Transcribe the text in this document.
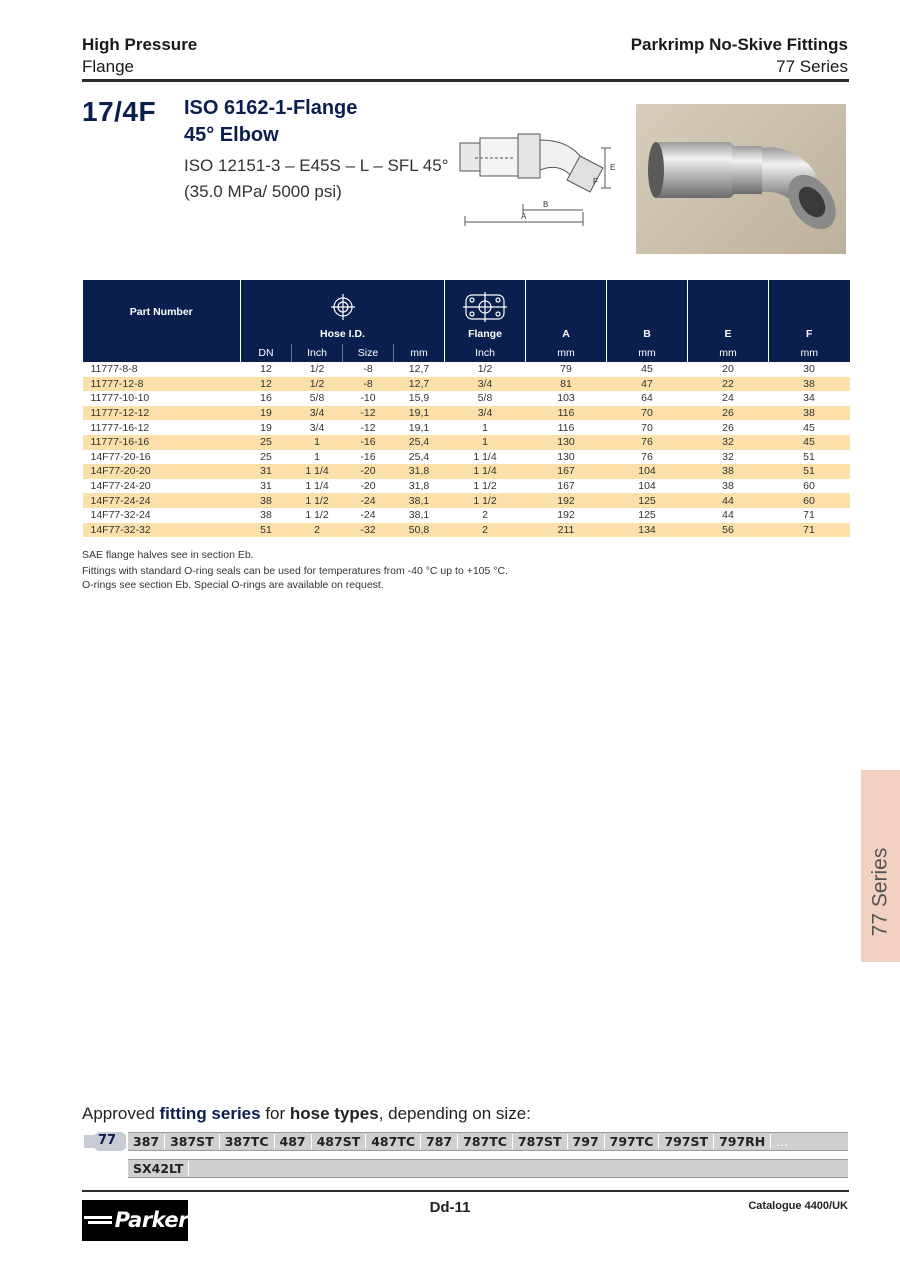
High Pressure
Flange
Parkrimp No-Skive Fittings
77 Series
17/4F ISO 6162-1-Flange
45° Elbow
ISO 12151-3 – E45S – L – SFL 45°
(35.0 MPa/ 5000 psi)
A
B
E
F
Part Number	Hose I.D.				Flange	A	B	E	F
	DN	Inch	Size	mm	Inch	mm	mm	mm	mm
11777-8-8	12	1/2	-8	12,7	1/2	79	45	20	30
11777-12-8	12	1/2	-8	12,7	3/4	81	47	22	38
11777-10-10	16	5/8	-10	15,9	5/8	103	64	24	34
11777-12-12	19	3/4	-12	19,1	3/4	116	70	26	38
11777-16-12	19	3/4	-12	19,1	1	116	70	26	45
11777-16-16	25	1	-16	25,4	1	130	76	32	45
14F77-20-16	25	1	-16	25,4	1 1/4	130	76	32	51
14F77-20-20	31	1 1/4	-20	31,8	1 1/4	167	104	38	51
14F77-24-20	31	1 1/4	-20	31,8	1 1/2	167	104	38	60
14F77-24-24	38	1 1/2	-24	38,1	1 1/2	192	125	44	60
14F77-32-24	38	1 1/2	-24	38,1	2	192	125	44	71
14F77-32-32	51	2	-32	50,8	2	211	134	56	71
SAE flange halves see in section Eb.
Fittings with standard O-ring seals can be used for temperatures from -40 °C up to +105 °C.
O-rings see section Eb. Special O-rings are available on request.
77 Series
Approved fitting series for hose types, depending on size:
77	387 387ST 387TC 487 487ST 487TC 787 787TC 787ST 797 797TC 797ST 797RH ...
SX42LT
Parker
Dd-11	Catalogue 4400/UK
